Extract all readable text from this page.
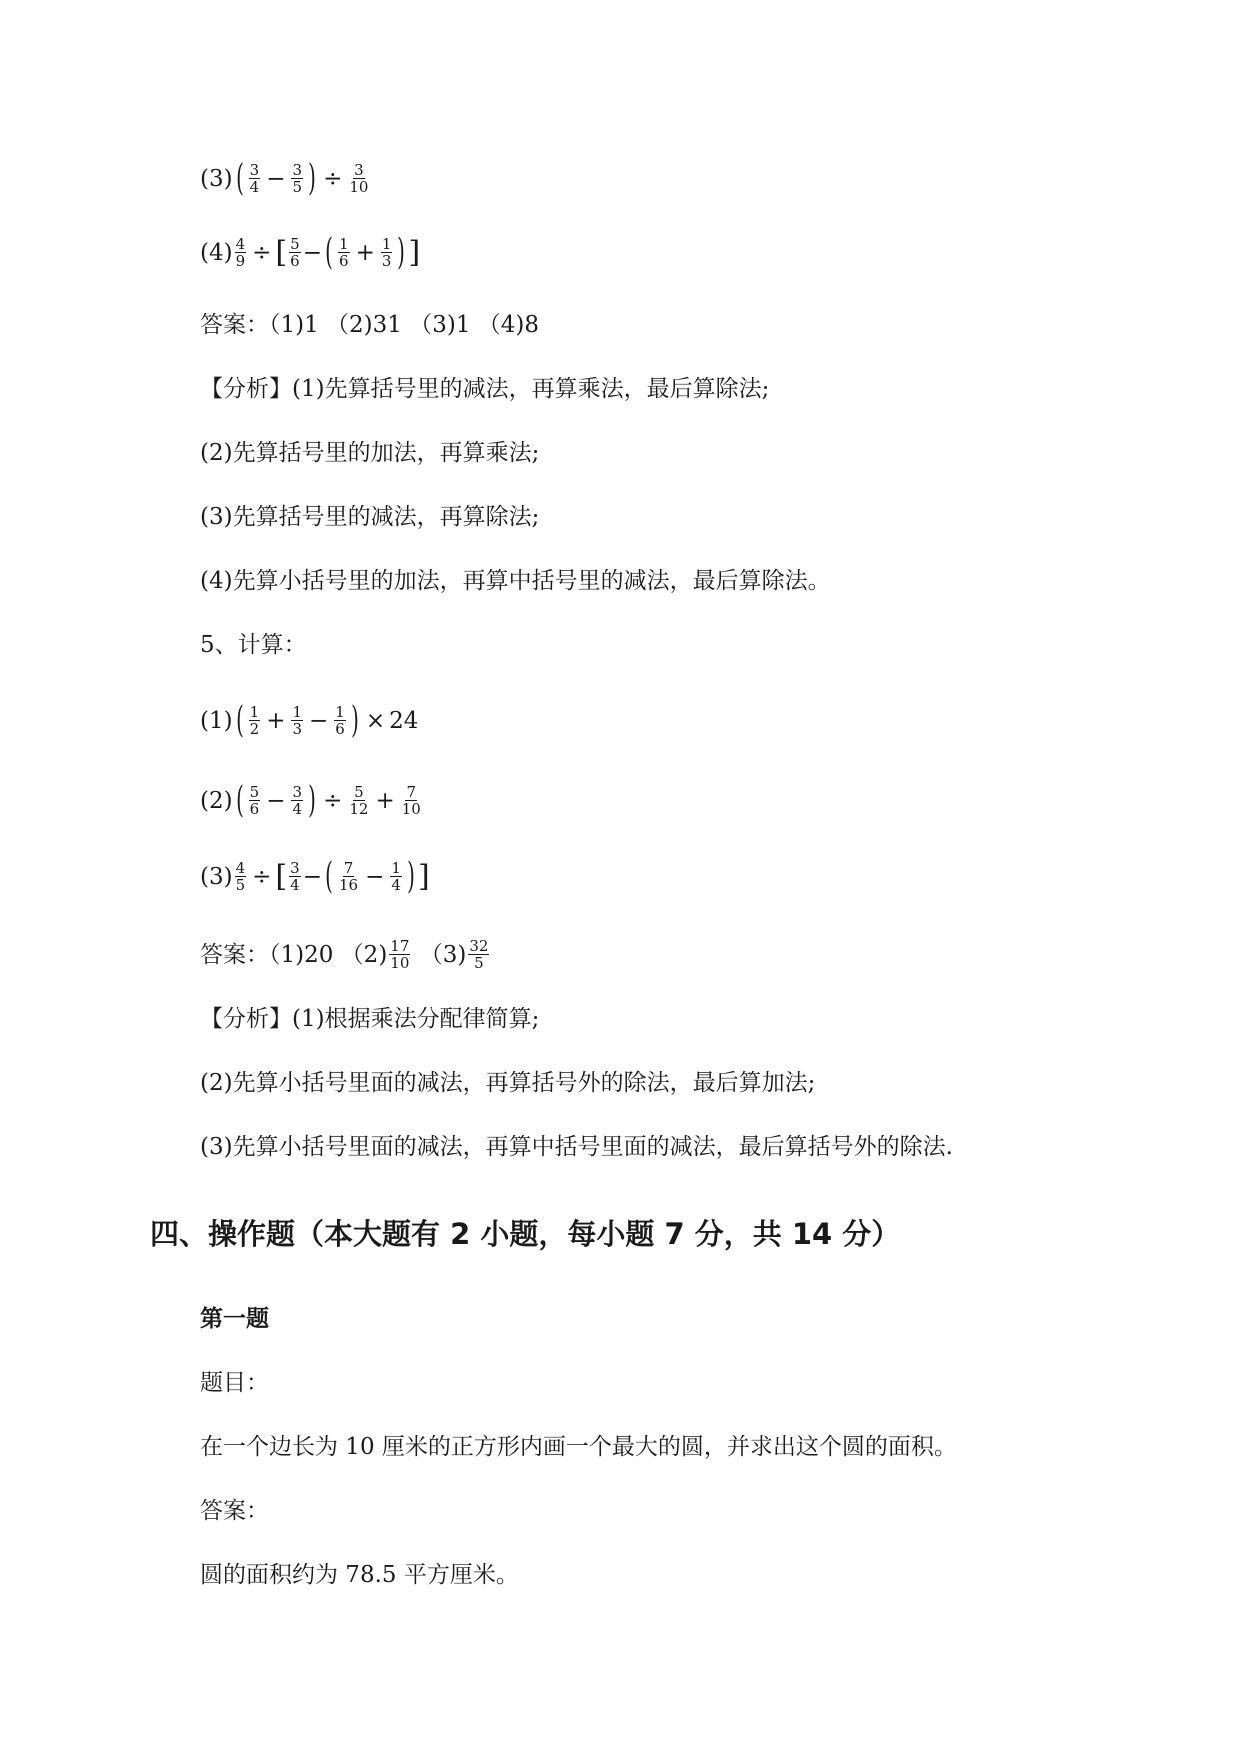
(3) ( $\frac{3}{4} - \frac{3}{5}$ ) ÷ $\frac{3}{10}$
$(4) \frac{4}{9}$ ÷ [ $\frac{5}{6}$ − ( $\frac{1}{6} + \frac{1}{3}$ ) ]
答案：（1)1 （2)31 （3)1 （4)8
【分析】(1)先算括号里的减法，再算乘法，最后算除法;
(2)先算括号里的加法，再算乘法;
(3)先算括号里的减法，再算除法;
(4)先算小括号里的加法，再算中括号里的减法，最后算除法。
5、计算：
(1) ( $\frac{1}{2} + \frac{1}{3} - \frac{1}{6}$ ) × 24
(2) ( $\frac{5}{6} - \frac{3}{4}$ ) ÷ $\frac{5}{12} + \frac{7}{10}$
$(3) \frac{4}{5}$ ÷ [ $\frac{3}{4}$ − ( $\frac{7}{16} - \frac{1}{4}$ ) ]
答案：（1)20 $(2) \frac{17}{10} (3) \frac{32}{5}$
【分析】(1)根据乘法分配律简算;
(2)先算小括号里面的减法，再算括号外的除法，最后算加法;
(3)先算小括号里面的减法，再算中括号里面的减法，最后算括号外的除法.
四、操作题（本大题有 2 小题，每小题 7 分，共 14 分）
第一题
题目：
在一个边长为 10 厘米的正方形内画一个最大的圆，并求出这个圆的面积。
答案：
圆的面积约为 78.5 平方厘米。
